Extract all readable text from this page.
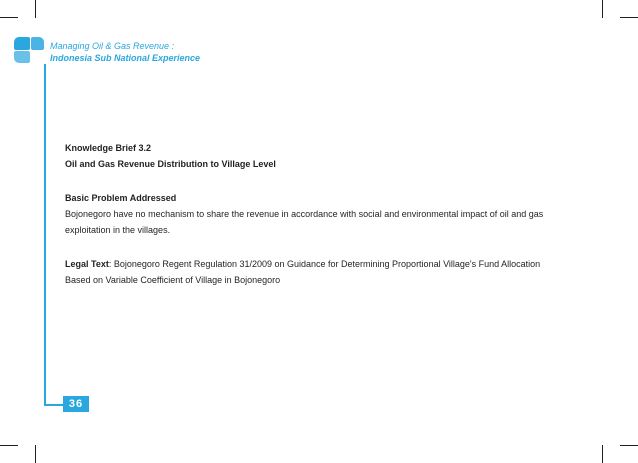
Managing Oil & Gas Revenue :
Indonesia Sub National Experience
36

Knowledge Brief 3.2

Oil and Gas Revenue Distribution to Village Level

Basic Problem Addressed

Bojonegoro have no mechanism to share the revenue in accordance with social and environmental impact of oil and gas

exploitation in the villages.

Legal Text: Bojonegoro Regent Regulation 31/2009 on Guidance for Determining Proportional Village's Fund Allocation

Based on Variable Coefficient of Village in Bojonegoro
